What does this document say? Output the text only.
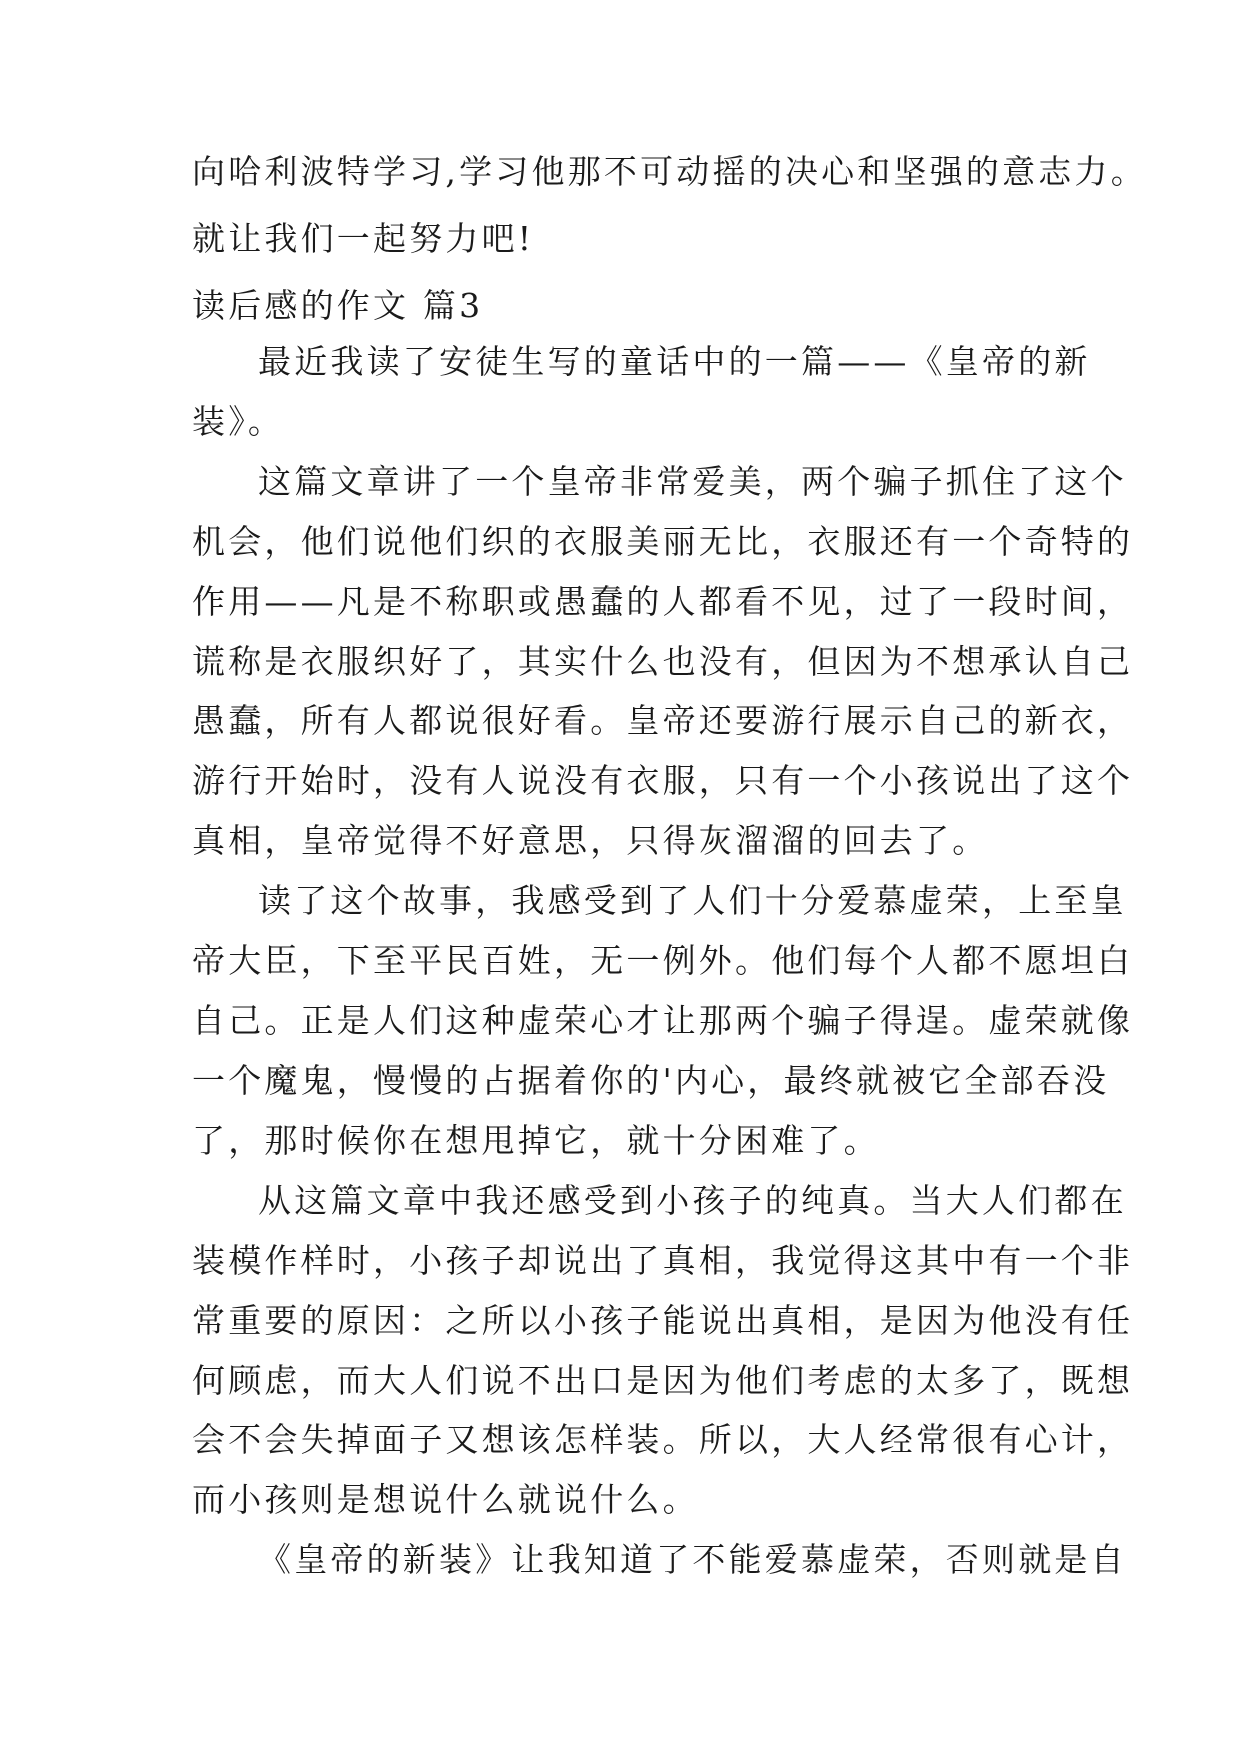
向哈利波特学习,学习他那不可动摇的决心和坚强的意志力。
就让我们一起努力吧!
读后感的作文 篇3
最近我读了安徒生写的童话中的一篇——《皇帝的新
装》。
这篇文章讲了一个皇帝非常爱美，两个骗子抓住了这个
机会，他们说他们织的衣服美丽无比，衣服还有一个奇特的
作用——凡是不称职或愚蠢的人都看不见，过了一段时间，
谎称是衣服织好了，其实什么也没有，但因为不想承认自己
愚蠢，所有人都说很好看。皇帝还要游行展示自己的新衣，
游行开始时，没有人说没有衣服，只有一个小孩说出了这个
真相，皇帝觉得不好意思，只得灰溜溜的回去了。
读了这个故事，我感受到了人们十分爱慕虚荣，上至皇
帝大臣，下至平民百姓，无一例外。他们每个人都不愿坦白
自己。正是人们这种虚荣心才让那两个骗子得逞。虚荣就像
一个魔鬼，慢慢的占据着你的'内心，最终就被它全部吞没
了，那时候你在想甩掉它，就十分困难了。
从这篇文章中我还感受到小孩子的纯真。当大人们都在
装模作样时，小孩子却说出了真相，我觉得这其中有一个非
常重要的原因：之所以小孩子能说出真相，是因为他没有任
何顾虑，而大人们说不出口是因为他们考虑的太多了，既想
会不会失掉面子又想该怎样装。所以，大人经常很有心计，
而小孩则是想说什么就说什么。
《皇帝的新装》让我知道了不能爱慕虚荣，否则就是自
